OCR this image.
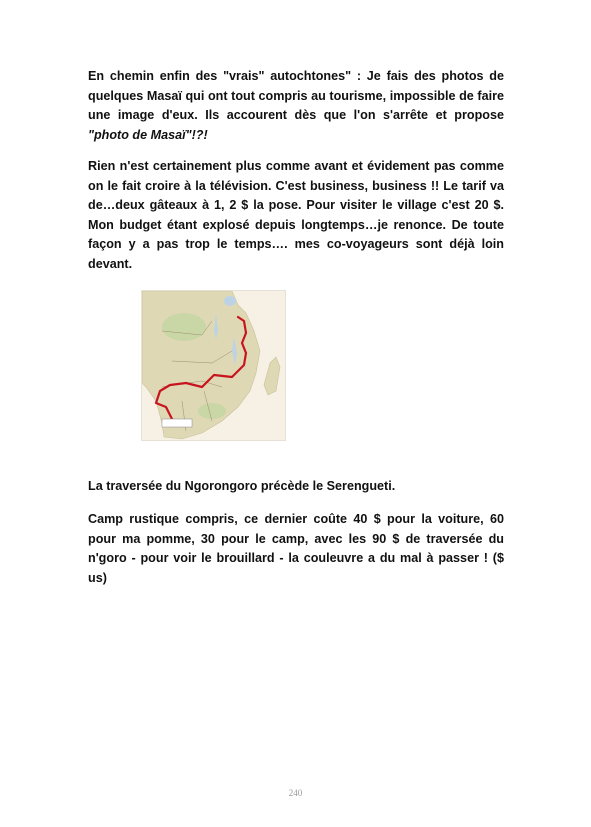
En chemin enfin des "vrais" autochtones" : Je fais des photos de quelques Masaï qui ont tout compris au tourisme, impossible de faire une image d'eux. Ils accourent dès que l'on s'arrête et propose "photo de Masaï"!?!

Rien n'est certainement plus comme avant et évidement pas comme on le fait croire à la télévision. C'est business, business !! Le tarif va de…deux gâteaux à 1, 2 $ la pose. Pour visiter le village c'est 20 $. Mon budget étant explosé depuis longtemps…je renonce. De toute façon y a pas trop le temps…. mes co-voyageurs sont déjà loin devant.

La traversée du Ngorongoro précède le Serengueti.

Camp rustique compris, ce dernier coûte 40 $ pour la voiture, 60 pour ma pomme, 30 pour le camp, avec les 90 $ de traversée du n'goro - pour voir le brouillard - la couleuvre a du mal à passer ! ($ us)

240
